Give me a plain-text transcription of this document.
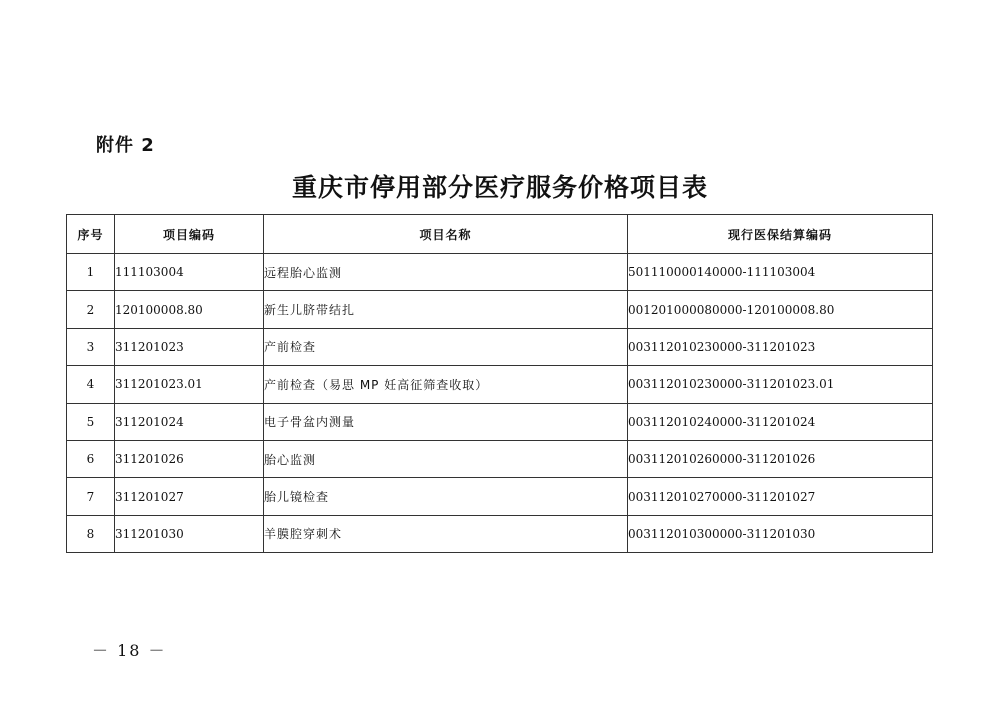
附件 2
重庆市停用部分医疗服务价格项目表
序号	项目编码	项目名称	现行医保结算编码
1	111103004	远程胎心监测	501110000140000-111103004
2	120100008.80	新生儿脐带结扎	001201000080000-120100008.80
3	311201023	产前检查	003112010230000-311201023
4	311201023.01	产前检查（易思 MP 妊高征筛查收取）	003112010230000-311201023.01
5	311201024	电子骨盆内测量	003112010240000-311201024
6	311201026	胎心监测	003112010260000-311201026
7	311201027	胎儿镜检查	003112010270000-311201027
8	311201030	羊膜腔穿刺术	003112010300000-311201030
－ 18 －
